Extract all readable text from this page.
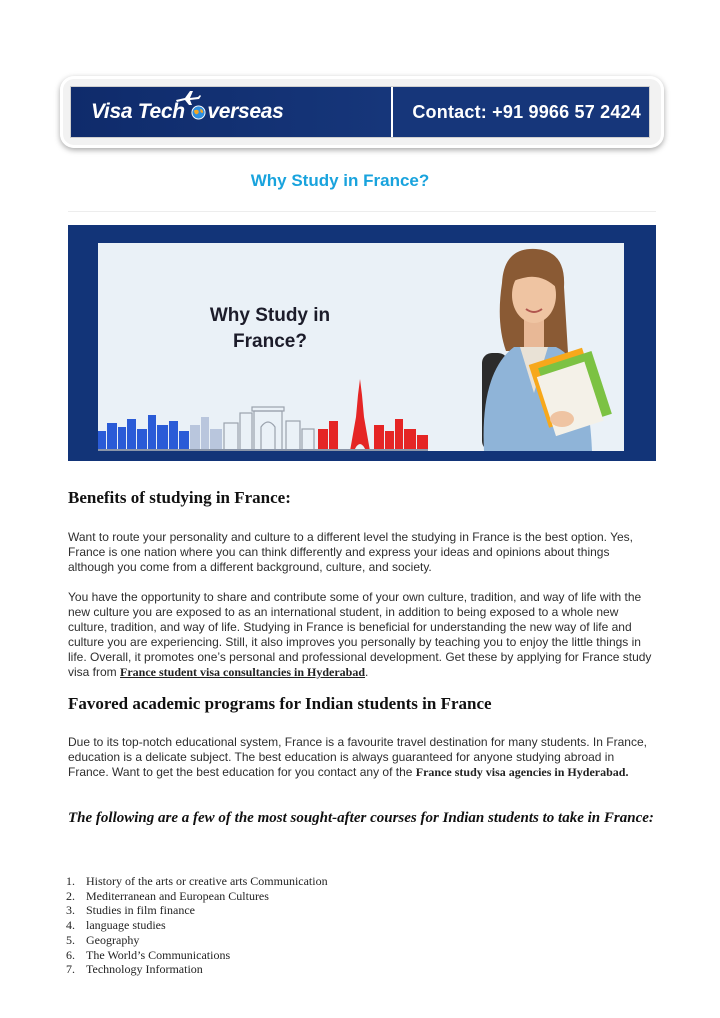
Visa Tech verseas	Contact: +91 9966 57 2424
Why Study in France?
Why Study in
France?
Benefits of studying in France:

Want to route your personality and culture to a different level the studying in France is the best option. Yes, France is one nation where you can think differently and express your ideas and opinions about things although you come from a different background, culture, and society.

You have the opportunity to share and contribute some of your own culture, tradition, and way of life with the new culture you are exposed to as an international student, in addition to being exposed to a whole new culture, tradition, and way of life. Studying in France is beneficial for understanding the new way of life and culture you are experiencing. Still, it also improves you personally by teaching you to enjoy the little things in life. Overall, it promotes one’s personal and professional development. Get these by applying for France study visa from France student visa consultancies in Hyderabad.

Favored academic programs for Indian students in France

Due to its top-notch educational system, France is a favourite travel destination for many students. In France, education is a delicate subject. The best education is always guaranteed for anyone studying abroad in France. Want to get the best education for you contact any of the France study visa agencies in Hyderabad.

The following are a few of the most sought-after courses for Indian students to take in France:
1. History of the arts or creative arts Communication
2. Mediterranean and European Cultures
3. Studies in film finance
4. language studies
5. Geography
6. The World’s Communications
7. Technology Information
